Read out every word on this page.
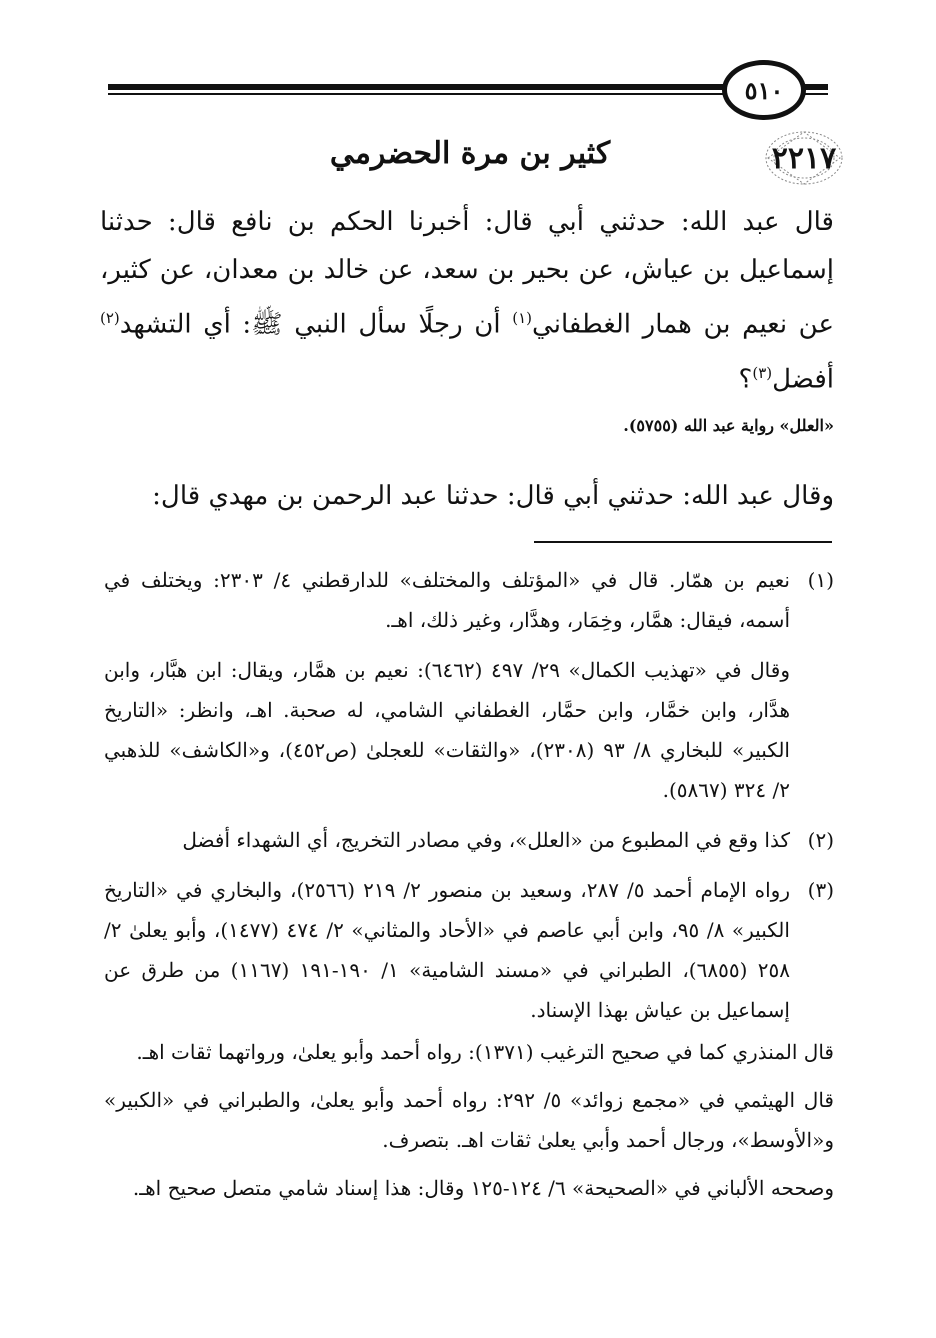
٥١٠
٢٢١٧
كثير بن مرة الحضرمي
قال عبد الله: حدثني أبي قال: أخبرنا الحكم بن نافع قال: حدثنا إسماعيل بن عياش، عن بحير بن سعد، عن خالد بن معدان، عن كثير، عن نعيم بن همار الغطفاني$^{(١)}$ أن رجلًا سأل النبي ﷺ: أي التشهد$^{(٢)}$ أفضل$^{(٣)}$؟
«العلل» رواية عبد الله (٥٧٥٥).
وقال عبد الله: حدثني أبي قال: حدثنا عبد الرحمن بن مهدي قال:
(١)

نعيم بن همّار. قال في «المؤتلف والمختلف» للدارقطني ٤/ ٢٣٠٣: ويختلف في أسمه، فيقال: همَّار، وخِمَار، وهدَّار، وغير ذلك، اهـ.

وقال في «تهذيب الكمال» ٢٩/ ٤٩٧ (٦٤٦٢): نعيم بن همَّار، ويقال: ابن هبَّار، وابن هدَّار، وابن خمَّار، وابن حمَّار، الغطفاني الشامي، له صحبة. اهـ، وانظر: «التاريخ الكبير» للبخاري ٨/ ٩٣ (٢٣٠٨)، «والثقات» للعجلىٰ (ص٤٥٢)، و«الكاشف» للذهبي ٢/ ٣٢٤ (٥٨٦٧).

(٢)

كذا وقع في المطبوع من «العلل»، وفي مصادر التخريج، أي الشهداء أفضل

(٣)

رواه الإمام أحمد ٥/ ٢٨٧، وسعيد بن منصور ٢/ ٢١٩ (٢٥٦٦)، والبخاري في «التاريخ الكبير» ٨/ ٩٥، وابن أبي عاصم في «الأحاد والمثاني» ٢/ ٤٧٤ (١٤٧٧)، وأبو يعلىٰ ٢/ ٢٥٨ (٦٨٥٥)، الطبراني في «مسند الشامية» ١/ ١٩٠-١٩١ (١١٦٧) من طرق عن إسماعيل بن عياش بهذا الإسناد.

قال المنذري كما في صحيح الترغيب (١٣٧١): رواه أحمد وأبو يعلىٰ، ورواتهما ثقات اهـ.

قال الهيثمي في «مجمع زوائد» ٥/ ٢٩٢: رواه أحمد وأبو يعلىٰ، والطبراني في «الكبير» و«الأوسط»، ورجال أحمد وأبي يعلىٰ ثقات اهـ. بتصرف.

وصححه الألباني في «الصحيحة» ٦/ ١٢٤-١٢٥ وقال: هذا إسناد شامي متصل صحيح اهـ.
